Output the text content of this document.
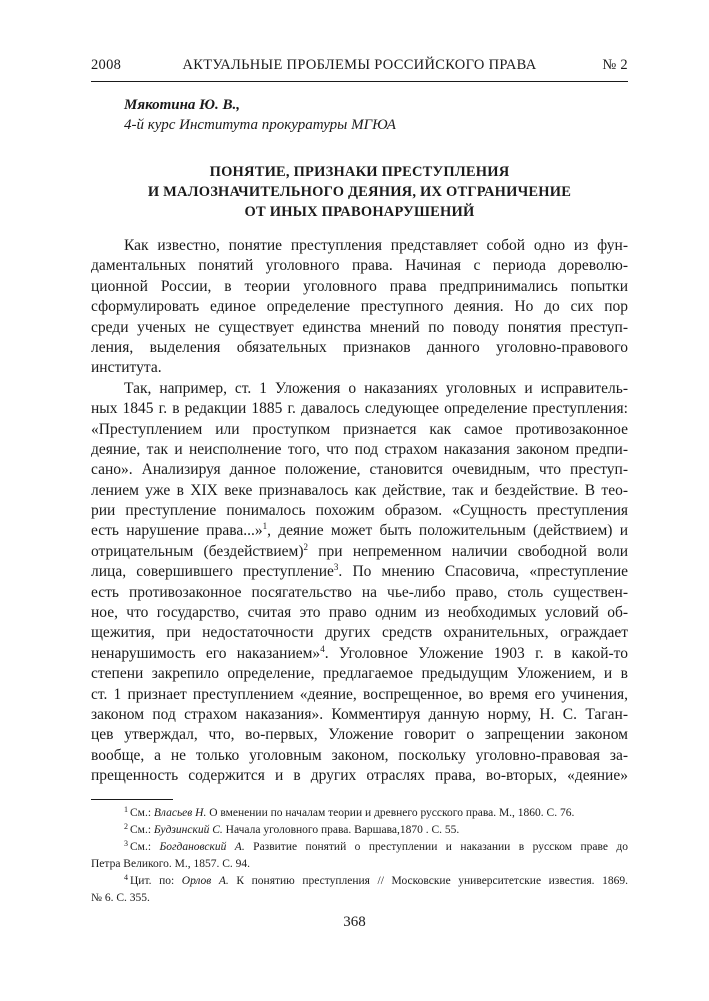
2008	АКТУАЛЬНЫЕ ПРОБЛЕМЫ РОССИЙСКОГО ПРАВА	№ 2
Мякотина Ю. В.,
4-й курс Института прокуратуры МГЮА
ПОНЯТИЕ, ПРИЗНАКИ ПРЕСТУПЛЕНИЯ
И МАЛОЗНАЧИТЕЛЬНОГО ДЕЯНИЯ, ИХ ОТГРАНИЧЕНИЕ
ОТ ИНЫХ ПРАВОНАРУШЕНИЙ
Как известно, понятие преступления представляет собой одно из фун-
даментальных понятий уголовного права. Начиная с периода дореволю-
ционной России, в теории уголовного права предпринимались попытки
сформулировать единое определение преступного деяния. Но до сих пор
среди ученых не существует единства мнений по поводу понятия преступ-
ления, выделения обязательных признаков данного уголовно-правового
института.
Так, например, ст. 1 Уложения о наказаниях уголовных и исправитель-
ных 1845 г. в редакции 1885 г. давалось следующее определение преступления:
«Преступлением или проступком признается как самое противозаконное
деяние, так и неисполнение того, что под страхом наказания законом предпи-
сано». Анализируя данное положение, становится очевидным, что преступ-
лением уже в XIX веке признавалось как действие, так и бездействие. В тео-
рии преступление понималось похожим образом. «Сущность преступления
есть нарушение права...»$^1$, деяние может быть положительным (действием) и
отрицательным (бездействием)$^2$ при непременном наличии свободной воли
лица, совершившего преступление$^3$. По мнению Спасовича, «преступление
есть противозаконное посягательство на чье-либо право, столь существен-
ное, что государство, считая это право одним из необходимых условий об-
щежития, при недостаточности других средств охранительных, ограждает
ненарушимость его наказанием»$^4$. Уголовное Уложение 1903 г. в какой-то
степени закрепило определение, предлагаемое предыдущим Уложением, и в
ст. 1 признает преступлением «деяние, воспрещенное, во время его учинения,
законом под страхом наказания». Комментируя данную норму, Н. С. Таган-
цев утверждал, что, во-первых, Уложение говорит о запрещении законом
вообще, а не только уголовным законом, поскольку уголовно-правовая за-
прещенность содержится и в других отраслях права, во-вторых, «деяние»
$^1$ См.: Власьев Н. О вменении по началам теории и древнего русского права. М., 1860. С. 76.
$^2$ См.: Будзинский С. Начала уголовного права. Варшава,1870 . С. 55.
$^3$ См.: Богдановский А. Развитие понятий о преступлении и наказании в русском праве до
Петра Великого. М., 1857. С. 94.
$^4$ Цит. по: Орлов А. К понятию преступления // Московские университетские известия. 1869.
№ 6. С. 355.
368
